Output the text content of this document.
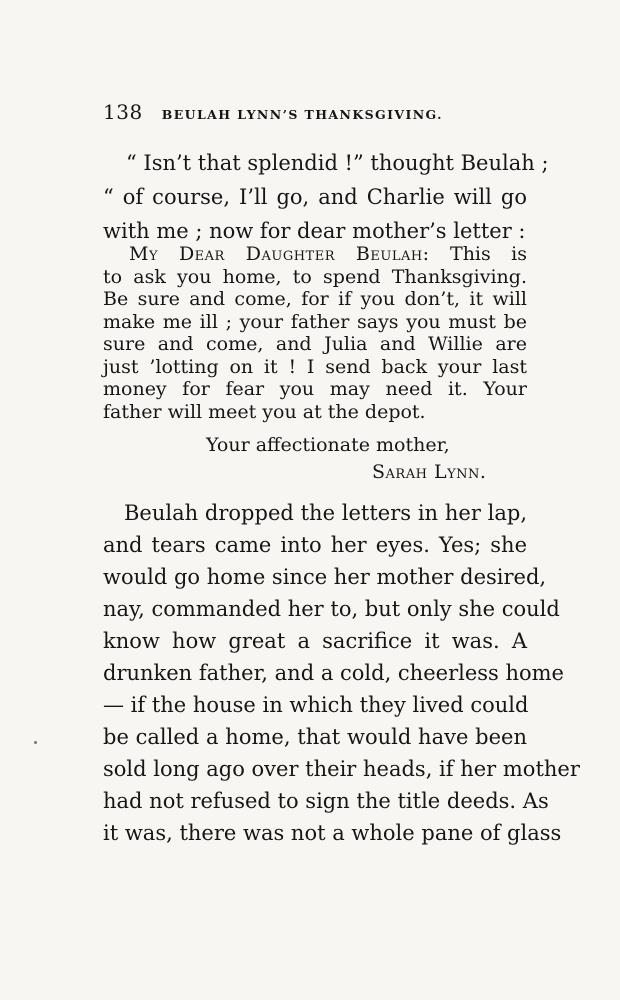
138 BEULAH LYNN’S THANKSGIVING.

“ Isn’t that splendid !” thought Beulah ;
“ of course, I’ll go, and Charlie will go
with me ; now for dear mother’s letter :

My Dear Daughter Beulah: This is
to ask you home, to spend Thanksgiving.
Be sure and come, for if you don’t, it will
make me ill ; your father says you must be
sure and come, and Julia and Willie are
just ’lotting on it ! I send back your last
money for fear you may need it. Your
father will meet you at the depot.
Your affectionate mother,
Sarah Lynn.

Beulah dropped the letters in her lap,
and tears came into her eyes. Yes; she
would go home since her mother desired,
nay, commanded her to, but only she could
know how great a sacrifice it was. A
drunken father, and a cold, cheerless home
— if the house in which they lived could
be called a home, that would have been
sold long ago over their heads, if her mother
had not refused to sign the title deeds. As
it was, there was not a whole pane of glass
